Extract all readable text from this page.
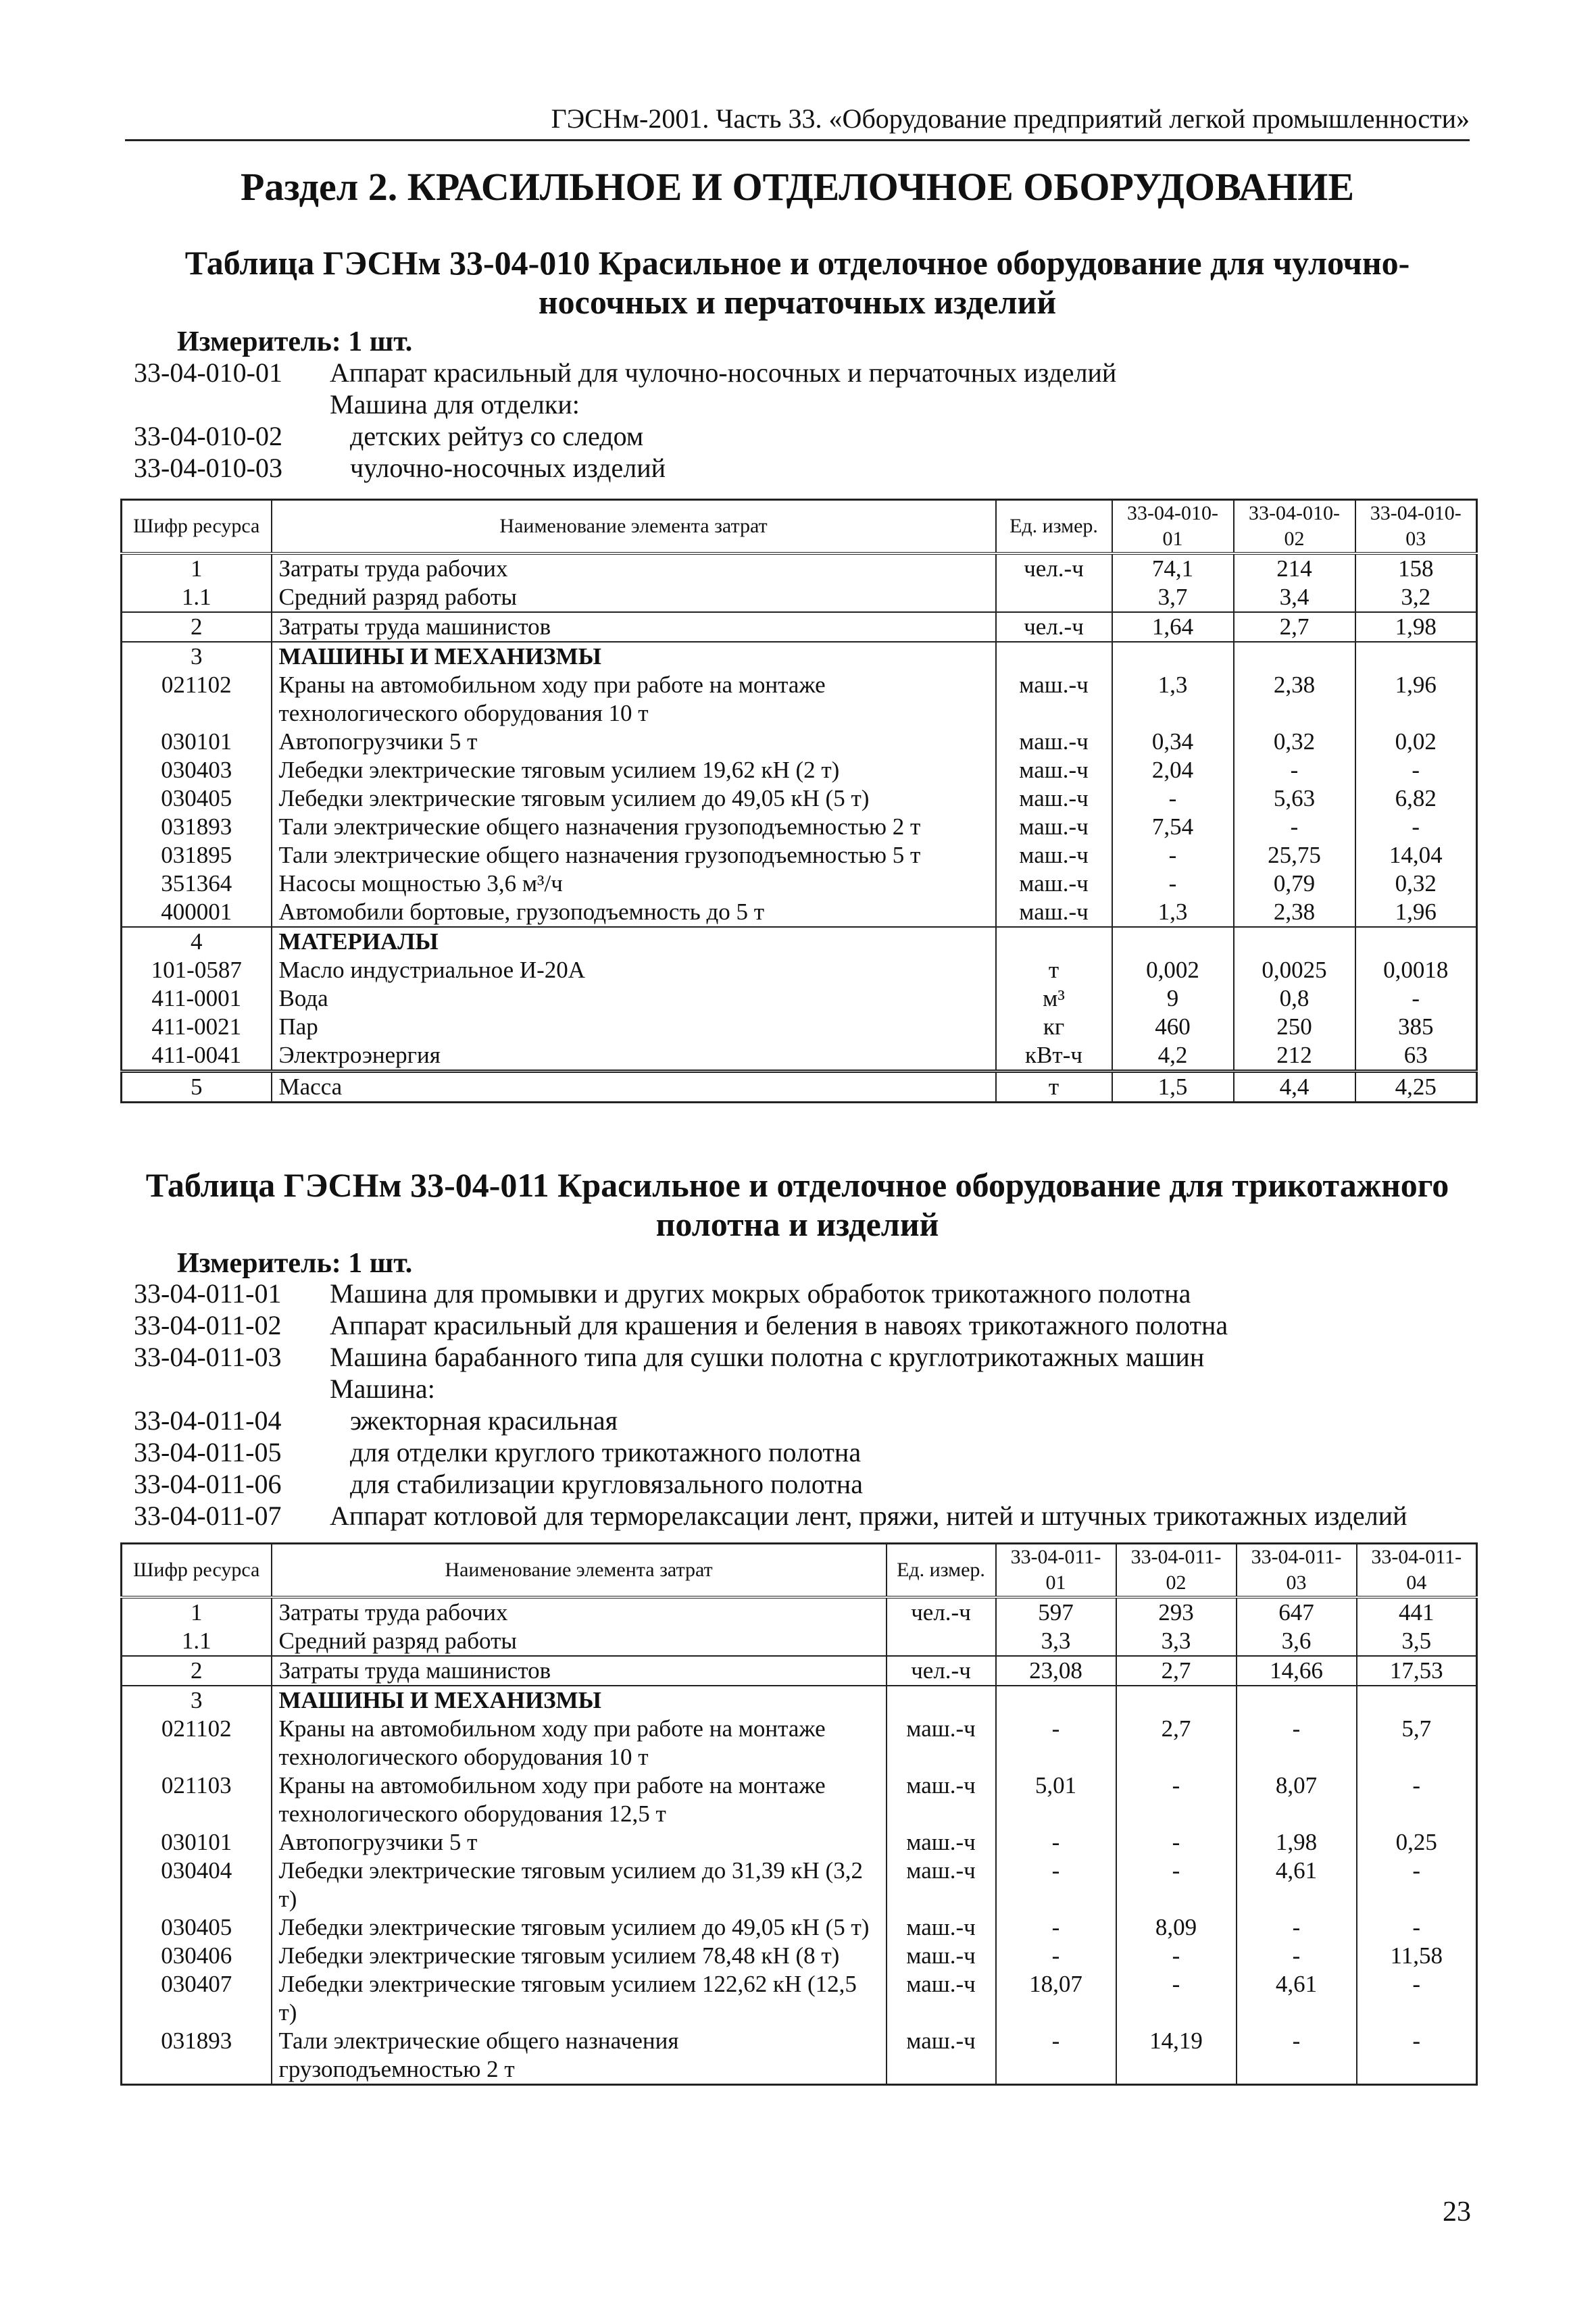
ГЭСНм-2001. Часть 33. «Оборудование предприятий легкой промышленности»
Раздел 2. КРАСИЛЬНОЕ И ОТДЕЛОЧНОЕ ОБОРУДОВАНИЕ
Таблица ГЭСНм 33-04-010 Красильное и отделочное оборудование для чулочно-
носочных и перчаточных изделий
Измеритель: 1 шт.
33-04-010-01 Аппарат красильный для чулочно-носочных и перчаточных изделий
Машина для отделки:
33-04-010-02	детских рейтуз со следом
33-04-010-03	чулочно-носочных изделий
Шифр ресурса	Наименование элемента затрат	Ед. измер.	33-04-010-01	33-04-010-02	33-04-010-03
1	Затраты труда рабочих	чел.-ч	74,1	214	158
1.1	Средний разряд работы		3,7	3,4	3,2
2	Затраты труда машинистов	чел.-ч	1,64	2,7	1,98
3	МАШИНЫ И МЕХАНИЗМЫ				
021102	Краны на автомобильном ходу при работе на монтаже технологического оборудования 10 т	маш.-ч	1,3	2,38	1,96
030101	Автопогрузчики 5 т	маш.-ч	0,34	0,32	0,02
030403	Лебедки электрические тяговым усилием 19,62 кН (2 т)	маш.-ч	2,04	-	-
030405	Лебедки электрические тяговым усилием до 49,05 кН (5 т)	маш.-ч	-	5,63	6,82
031893	Тали электрические общего назначения грузоподъемностью 2 т	маш.-ч	7,54	-	-
031895	Тали электрические общего назначения грузоподъемностью 5 т	маш.-ч	-	25,75	14,04
351364	Насосы мощностью 3,6 м³/ч	маш.-ч	-	0,79	0,32
400001	Автомобили бортовые, грузоподъемность до 5 т	маш.-ч	1,3	2,38	1,96
4	МАТЕРИАЛЫ				
101-0587	Масло индустриальное И-20А	т	0,002	0,0025	0,0018
411-0001	Вода	м³	9	0,8	-
411-0021	Пар	кг	460	250	385
411-0041	Электроэнергия	кВт-ч	4,2	212	63
5	Масса	т	1,5	4,4	4,25
Таблица ГЭСНм 33-04-011 Красильное и отделочное оборудование для трикотажного
полотна и изделий
Измеритель: 1 шт.
33-04-011-01 Машина для промывки и других мокрых обработок трикотажного полотна
33-04-011-02 Аппарат красильный для крашения и беления в навоях трикотажного полотна
33-04-011-03 Машина барабанного типа для сушки полотна с круглотрикотажных машин
Машина:
33-04-011-04	эжекторная красильная
33-04-011-05	для отделки круглого трикотажного полотна
33-04-011-06	для стабилизации кругловязального полотна
33-04-011-07 Аппарат котловой для терморелаксации лент, пряжи, нитей и штучных трикотажных изделий
Шифр ресурса	Наименование элемента затрат	Ед. измер.	33-04-011-01	33-04-011-02	33-04-011-03	33-04-011-04
1	Затраты труда рабочих	чел.-ч	597	293	647	441
1.1	Средний разряд работы		3,3	3,3	3,6	3,5
2	Затраты труда машинистов	чел.-ч	23,08	2,7	14,66	17,53
3	МАШИНЫ И МЕХАНИЗМЫ					
021102	Краны на автомобильном ходу при работе на монтаже технологического оборудования 10 т	маш.-ч	-	2,7	-	5,7
021103	Краны на автомобильном ходу при работе на монтаже технологического оборудования 12,5 т	маш.-ч	5,01	-	8,07	-
030101	Автопогрузчики 5 т	маш.-ч	-	-	1,98	0,25
030404	Лебедки электрические тяговым усилием до 31,39 кН (3,2 т)	маш.-ч	-	-	4,61	-
030405	Лебедки электрические тяговым усилием до 49,05 кН (5 т)	маш.-ч	-	8,09	-	-
030406	Лебедки электрические тяговым усилием 78,48 кН (8 т)	маш.-ч	-	-	-	11,58
030407	Лебедки электрические тяговым усилием 122,62 кН (12,5 т)	маш.-ч	18,07	-	4,61	-
031893	Тали электрические общего назначения грузоподъемностью 2 т	маш.-ч	-	14,19	-	-
23
